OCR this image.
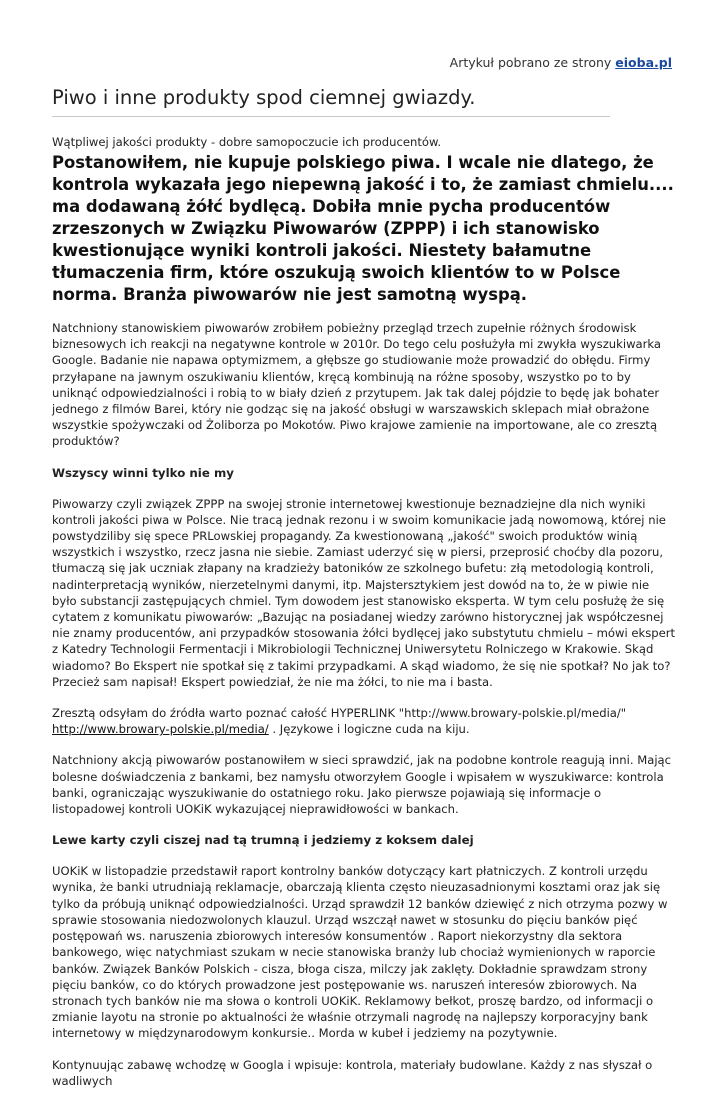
Artykuł pobrano ze strony eioba.pl
Piwo i inne produkty spod ciemnej gwiazdy.

Wątpliwej jakości produkty - dobre samopoczucie ich producentów.

Postanowiłem, nie kupuje polskiego piwa. I wcale nie dlatego, że kontrola wykazała jego niepewną jakość i to, że zamiast chmielu.... ma dodawaną żółć bydlęcą. Dobiła mnie pycha producentów zrzeszonych w Związku Piwowarów (ZPPP) i ich stanowisko kwestionujące wyniki kontroli jakości. Niestety bałamutne tłumaczenia firm, które oszukują swoich klientów to w Polsce norma. Branża piwowarów nie jest samotną wyspą.

Natchniony stanowiskiem piwowarów zrobiłem pobieżny przegląd trzech zupełnie różnych środowisk biznesowych ich reakcji na negatywne kontrole w 2010r. Do tego celu posłużyła mi zwykła wyszukiwarka Google. Badanie nie napawa optymizmem, a głębsze go studiowanie może prowadzić do obłędu. Firmy przyłapane na jawnym oszukiwaniu klientów, kręcą kombinują na różne sposoby, wszystko po to by uniknąć odpowiedzialności i robią to w biały dzień z przytupem. Jak tak dalej pójdzie to będę jak bohater jednego z filmów Barei, który nie godząc się na jakość obsługi w warszawskich sklepach miał obrażone wszystkie spożywczaki od Żoliborza po Mokotów. Piwo krajowe zamienie na importowane, ale co zresztą produktów?

Wszyscy winni tylko nie my

Piwowarzy czyli związek ZPPP na swojej stronie internetowej kwestionuje beznadziejne dla nich wyniki kontroli jakości piwa w Polsce. Nie tracą jednak rezonu i w swoim komunikacie jadą nowomową, której nie powstydziliby się spece PRLowskiej propagandy. Za kwestionowaną „jakość" swoich produktów winią wszystkich i wszystko, rzecz jasna nie siebie. Zamiast uderzyć się w piersi, przeprosić choćby dla pozoru, tłumaczą się jak uczniak złapany na kradzieży batoników ze szkolnego bufetu: złą metodologią kontroli, nadinterpretacją wyników, nierzetelnymi danymi, itp. Majstersztykiem jest dowód na to, że w piwie nie było substancji zastępujących chmiel. Tym dowodem jest stanowisko eksperta. W tym celu posłużę że się cytatem z komunikatu piwowarów: „Bazując na posiadanej wiedzy zarówno historycznej jak współczesnej nie znamy producentów, ani przypadków stosowania żółci bydlęcej jako substytutu chmielu – mówi ekspert z Katedry Technologii Fermentacji i Mikrobiologii Technicznej Uniwersytetu Rolniczego w Krakowie. Skąd wiadomo? Bo Ekspert nie spotkał się z takimi przypadkami. A skąd wiadomo, że się nie spotkał? No jak to? Przecież sam napisał! Ekspert powiedział, że nie ma żółci, to nie ma i basta.

Zresztą odsyłam do źródła warto poznać całość HYPERLINK "http://www.browary-polskie.pl/media/" http://www.browary-polskie.pl/media/ . Językowe i logiczne cuda na kiju.

Natchniony akcją piwowarów postanowiłem w sieci sprawdzić, jak na podobne kontrole reagują inni. Mając bolesne doświadczenia z bankami, bez namysłu otworzyłem Google i wpisałem w wyszukiwarce: kontrola banki, ograniczając wyszukiwanie do ostatniego roku. Jako pierwsze pojawiają się informacje o listopadowej kontroli UOKiK wykazującej nieprawidłowości w bankach.

Lewe karty czyli ciszej nad tą trumną i jedziemy z koksem dalej

UOKiK w listopadzie przedstawił raport kontrolny banków dotyczący kart płatniczych. Z kontroli urzędu wynika, że banki utrudniają reklamacje, obarczają klienta często nieuzasadnionymi kosztami oraz jak się tylko da próbują uniknąć odpowiedzialności. Urząd sprawdził 12 banków dziewięć z nich otrzyma pozwy w sprawie stosowania niedozwolonych klauzul. Urząd wszczął nawet w stosunku do pięciu banków pięć postępowań ws. naruszenia zbiorowych interesów konsumentów . Raport niekorzystny dla sektora bankowego, więc natychmiast szukam w necie stanowiska branży lub chociaż wymienionych w raporcie banków. Związek Banków Polskich - cisza, błoga cisza, milczy jak zaklęty. Dokładnie sprawdzam strony pięciu banków, co do których prowadzone jest postępowanie ws. naruszeń interesów zbiorowych. Na stronach tych banków nie ma słowa o kontroli UOKiK. Reklamowy bełkot, proszę bardzo, od informacji o zmianie layotu na stronie po aktualności że właśnie otrzymali nagrodę na najlepszy korporacyjny bank internetowy w międzynarodowym konkursie.. Morda w kubeł i jedziemy na pozytywnie.

Kontynuując zabawę wchodzę w Googla i wpisuje: kontrola, materiały budowlane. Każdy z nas słyszał o wadliwych
